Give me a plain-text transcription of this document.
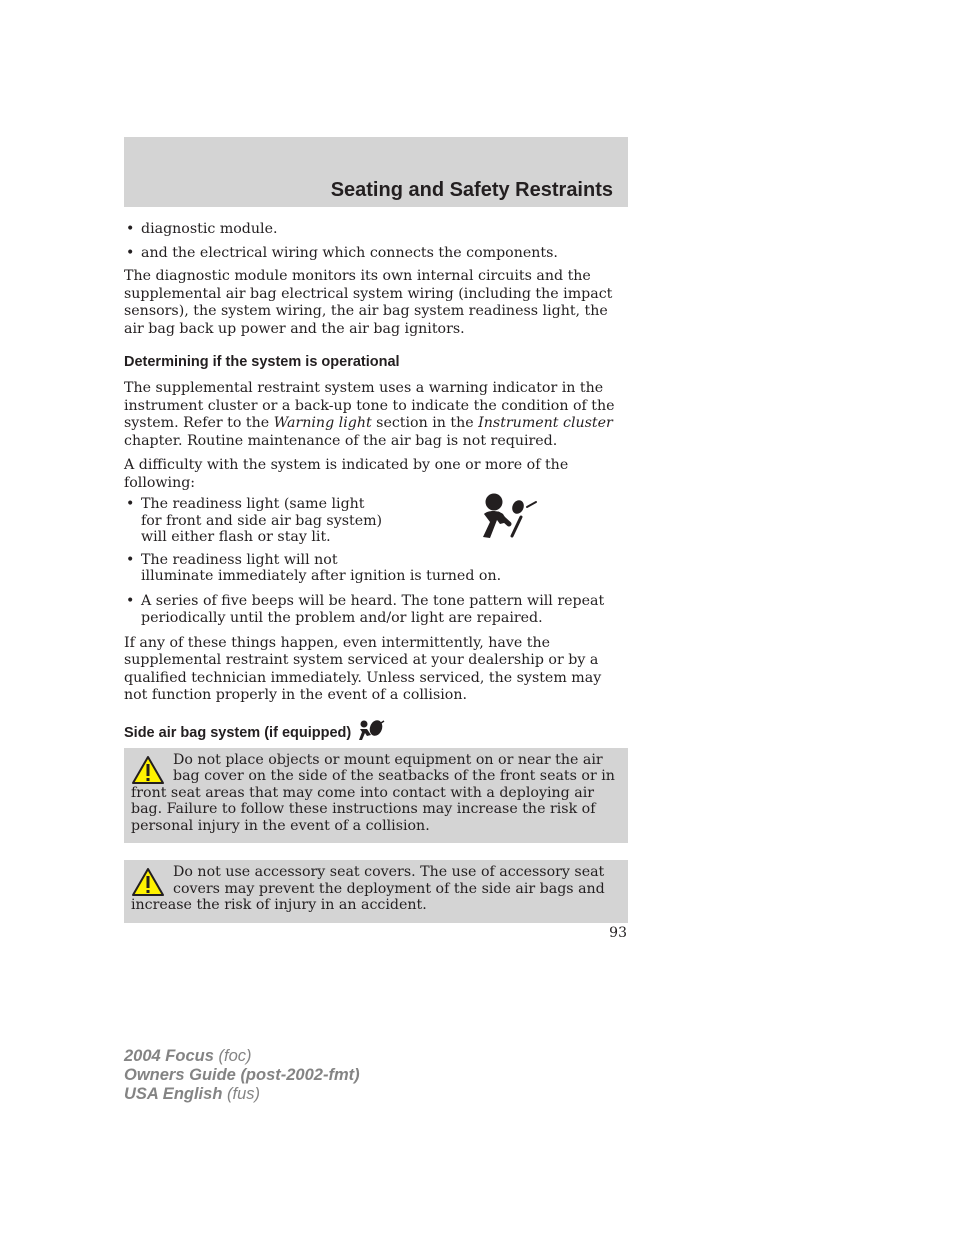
Seating and Safety Restraints
• diagnostic module.
• and the electrical wiring which connects the components.

The diagnostic module monitors its own internal circuits and the supplemental air bag electrical system wiring (including the impact sensors), the system wiring, the air bag system readiness light, the air bag back up power and the air bag ignitors.

Determining if the system is operational

The supplemental restraint system uses a warning indicator in the instrument cluster or a back-up tone to indicate the condition of the system. Refer to the Warning light section in the Instrument cluster chapter. Routine maintenance of the air bag is not required.

A difficulty with the system is indicated by one or more of the following:

• The readiness light (same light
for front and side air bag system)
will either flash or stay lit.
• The readiness light will not
illuminate immediately after ignition is turned on.
• A series of five beeps will be heard. The tone pattern will repeat periodically until the problem and/or light are repaired.

If any of these things happen, even intermittently, have the supplemental restraint system serviced at your dealership or by a qualified technician immediately. Unless serviced, the system may not function properly in the event of a collision.

Side air bag system (if equipped)
Do not place objects or mount equipment on or near the air bag cover on the side of the seatbacks of the front seats or in front seat areas that may come into contact with a deploying air bag. Failure to follow these instructions may increase the risk of personal injury in the event of a collision.
Do not use accessory seat covers. The use of accessory seat covers may prevent the deployment of the side air bags and increase the risk of injury in an accident.
93
2004 Focus (foc)
Owners Guide (post-2002-fmt)
USA English (fus)
